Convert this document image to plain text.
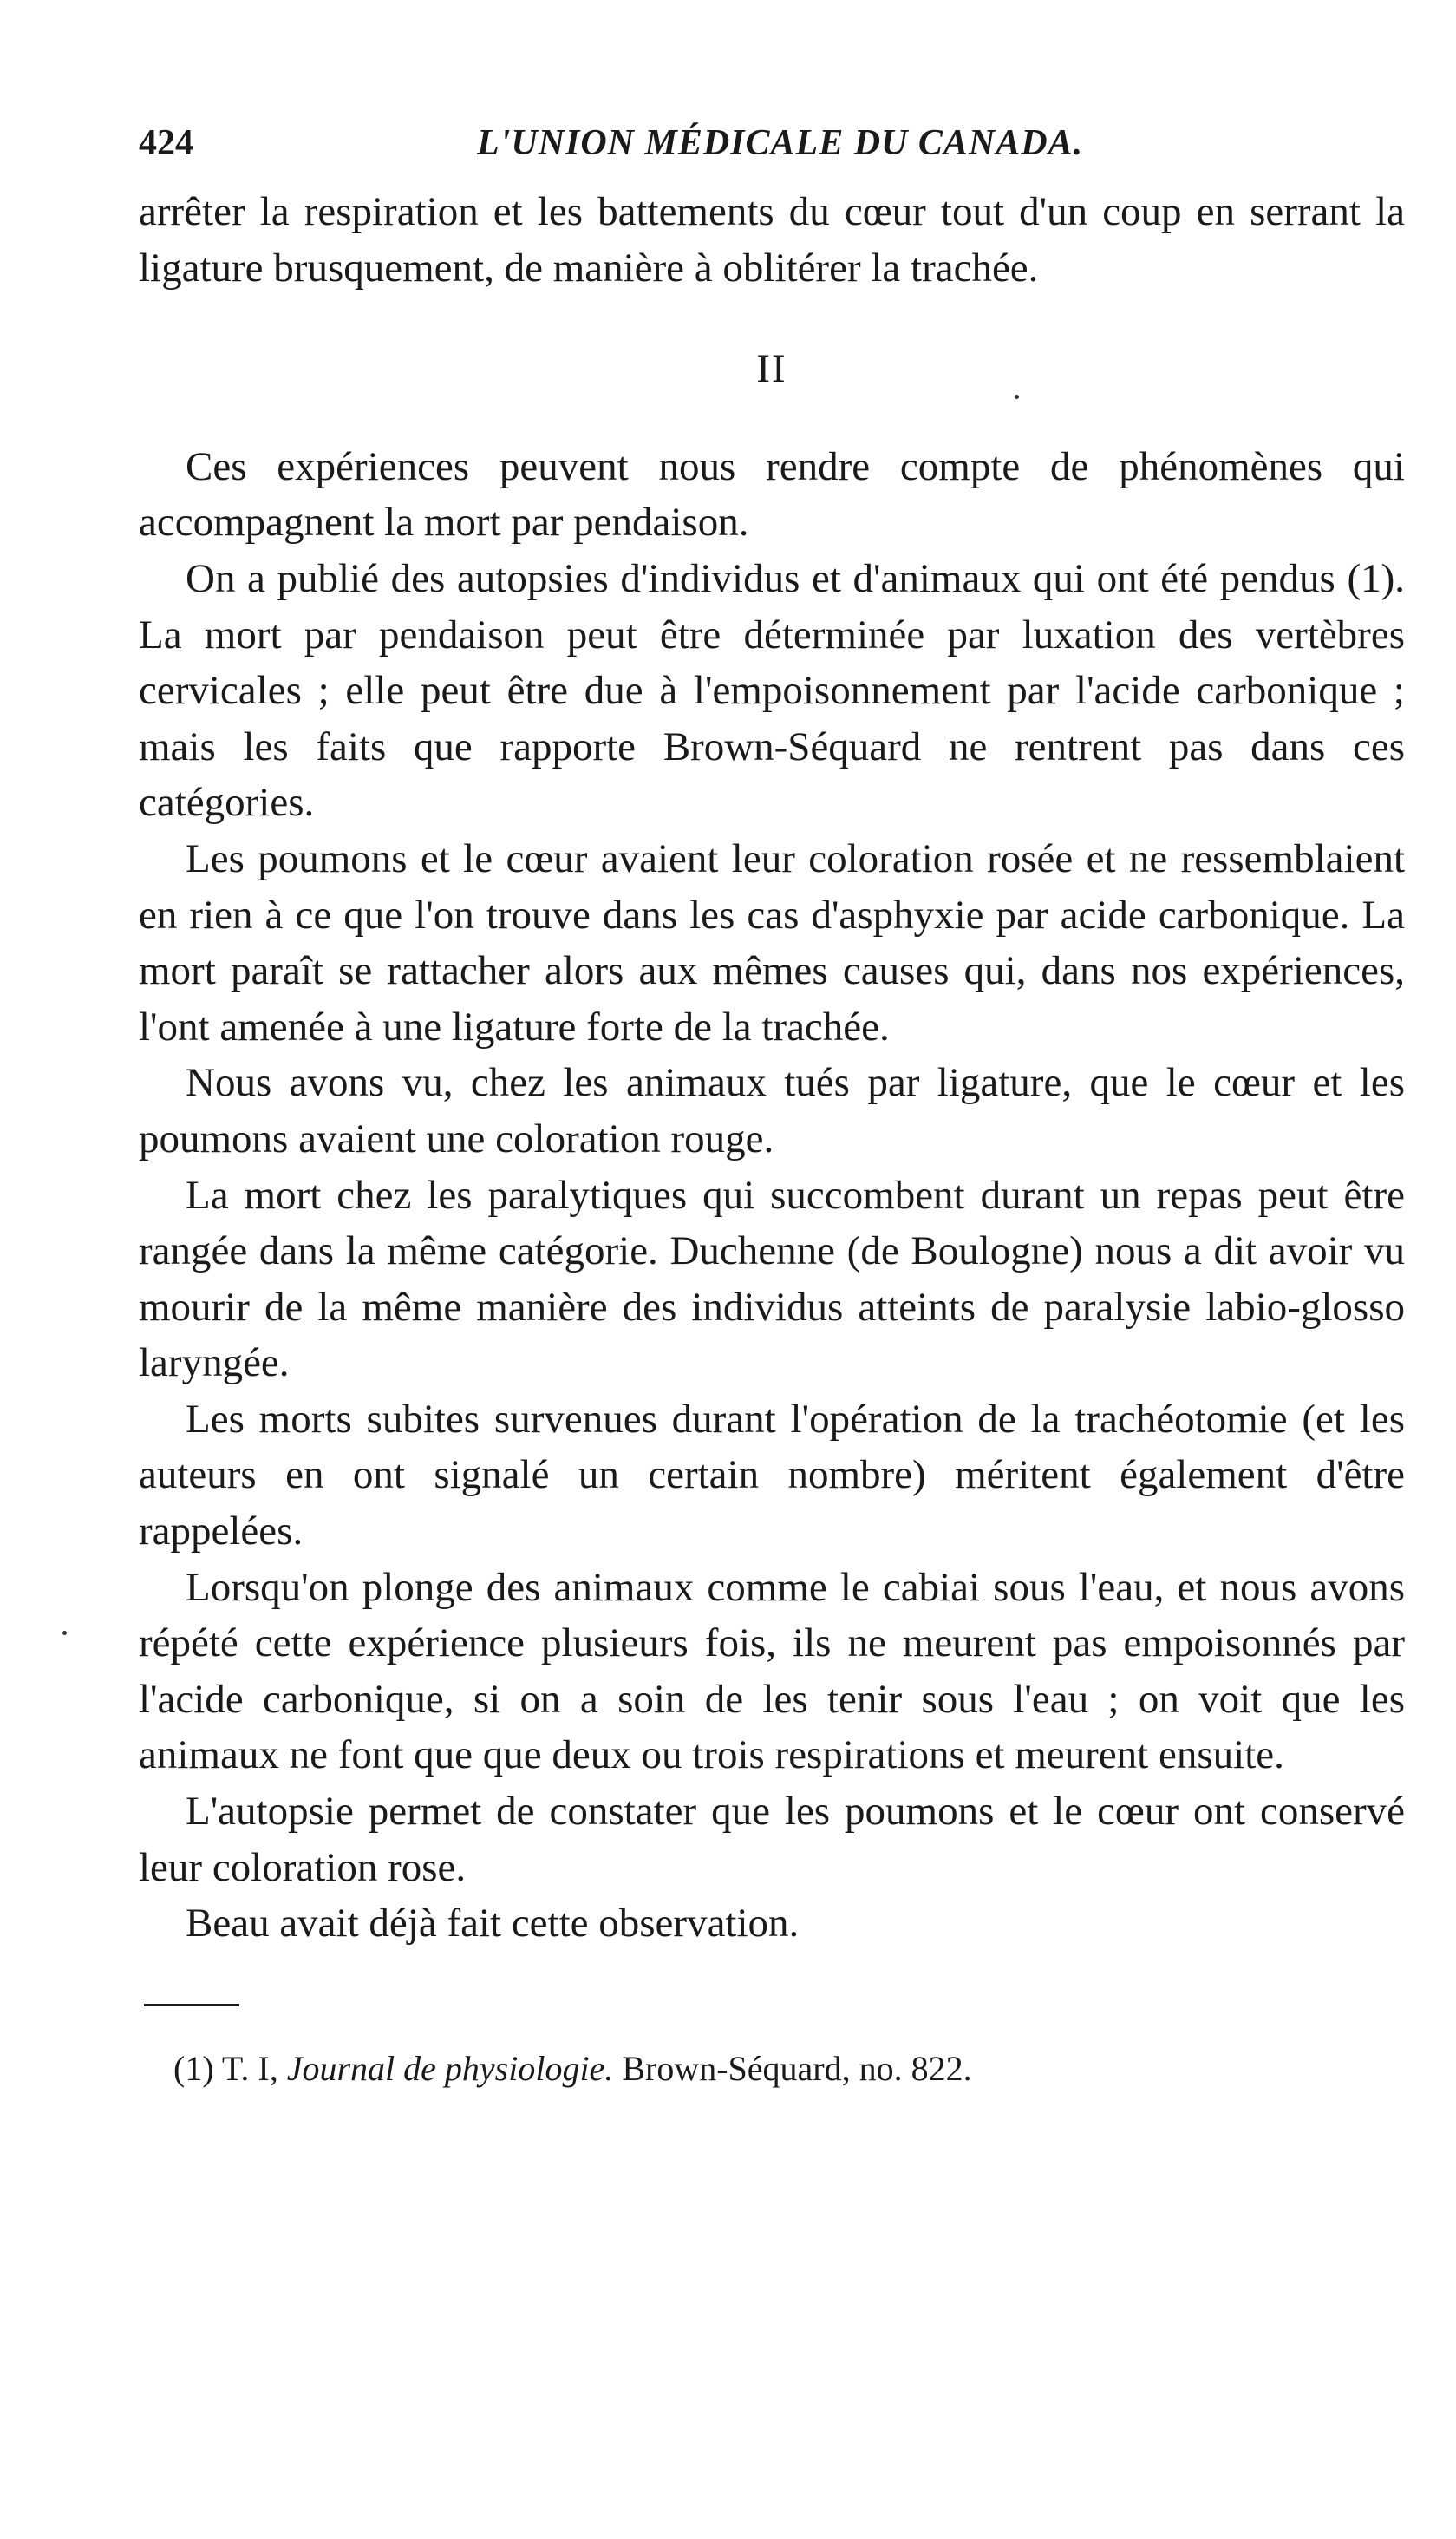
424	L'UNION MÉDICALE DU CANADA.

arrêter la respiration et les battements du cœur tout d'un coup en serrant la ligature brusquement, de manière à oblitérer la trachée.

II

Ces expériences peuvent nous rendre compte de phénomènes qui accompagnent la mort par pendaison.

On a publié des autopsies d'individus et d'animaux qui ont été pendus (1). La mort par pendaison peut être déterminée par luxation des vertèbres cervicales ; elle peut être due à l'empoisonnement par l'acide carbonique ; mais les faits que rapporte Brown-Séquard ne rentrent pas dans ces catégories.

Les poumons et le cœur avaient leur coloration rosée et ne ressemblaient en rien à ce que l'on trouve dans les cas d'asphyxie par acide carbonique. La mort paraît se rattacher alors aux mêmes causes qui, dans nos expériences, l'ont amenée à une ligature forte de la trachée.

Nous avons vu, chez les animaux tués par ligature, que le cœur et les poumons avaient une coloration rouge.

La mort chez les paralytiques qui succombent durant un repas peut être rangée dans la même catégorie. Duchenne (de Boulogne) nous a dit avoir vu mourir de la même manière des individus atteints de paralysie labio-glosso laryngée.

Les morts subites survenues durant l'opération de la trachéotomie (et les auteurs en ont signalé un certain nombre) méritent également d'être rappelées.

Lorsqu'on plonge des animaux comme le cabiai sous l'eau, et nous avons répété cette expérience plusieurs fois, ils ne meurent pas empoisonnés par l'acide carbonique, si on a soin de les tenir sous l'eau ; on voit que les animaux ne font que que deux ou trois respirations et meurent ensuite.

L'autopsie permet de constater que les poumons et le cœur ont conservé leur coloration rose.

Beau avait déjà fait cette observation.

(1) T. I, Journal de physiologie. Brown-Séquard, no. 822.
